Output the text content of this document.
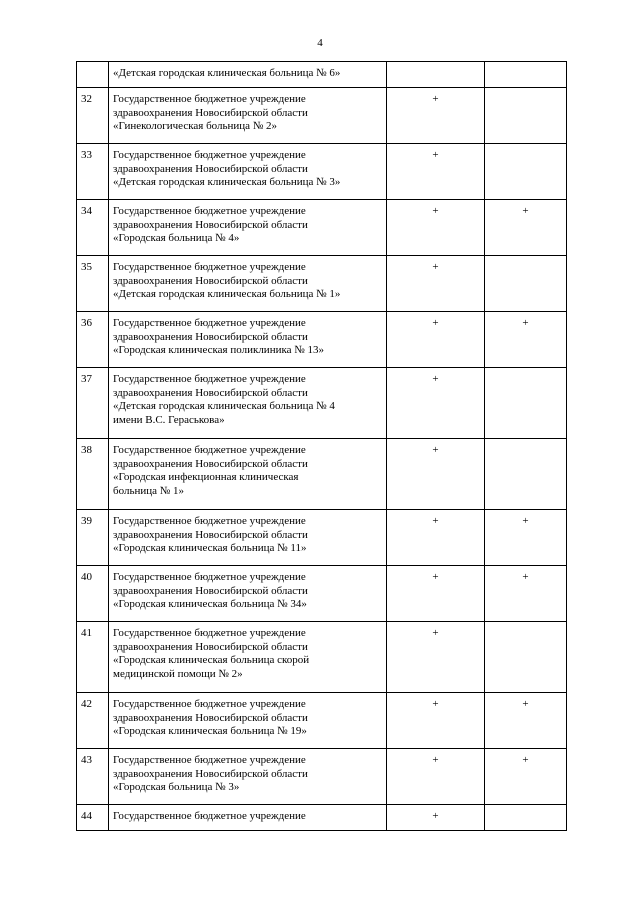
4

	«Детская городская клиническая больница № 6»		

32	Государственное бюджетное учреждение
здравоохранения Новосибирской области
«Гинекологическая больница № 2»	+	
33	Государственное бюджетное учреждение
здравоохранения Новосибирской области
«Детская городская клиническая больница № 3»	+	
34	Государственное бюджетное учреждение
здравоохранения Новосибирской области
«Городская больница № 4»	+	+
35	Государственное бюджетное учреждение
здравоохранения Новосибирской области
«Детская городская клиническая больница № 1»	+	
36	Государственное бюджетное учреждение
здравоохранения Новосибирской области
«Городская клиническая поликлиника № 13»	+	+
37	Государственное бюджетное учреждение
здравоохранения Новосибирской области
«Детская городская клиническая больница № 4
имени В.С. Гераськова»	+	
38	Государственное бюджетное учреждение
здравоохранения Новосибирской области
«Городская инфекционная клиническая
больница № 1»	+	
39	Государственное бюджетное учреждение
здравоохранения Новосибирской области
«Городская клиническая больница № 11»	+	+
40	Государственное бюджетное учреждение
здравоохранения Новосибирской области
«Городская клиническая больница № 34»	+	+
41	Государственное бюджетное учреждение
здравоохранения Новосибирской области
«Городская клиническая больница скорой
медицинской помощи № 2»	+	
42	Государственное бюджетное учреждение
здравоохранения Новосибирской области
«Городская клиническая больница № 19»	+	+
43	Государственное бюджетное учреждение
здравоохранения Новосибирской области
«Городская больница № 3»	+	+
44	Государственное бюджетное учреждение	+	
